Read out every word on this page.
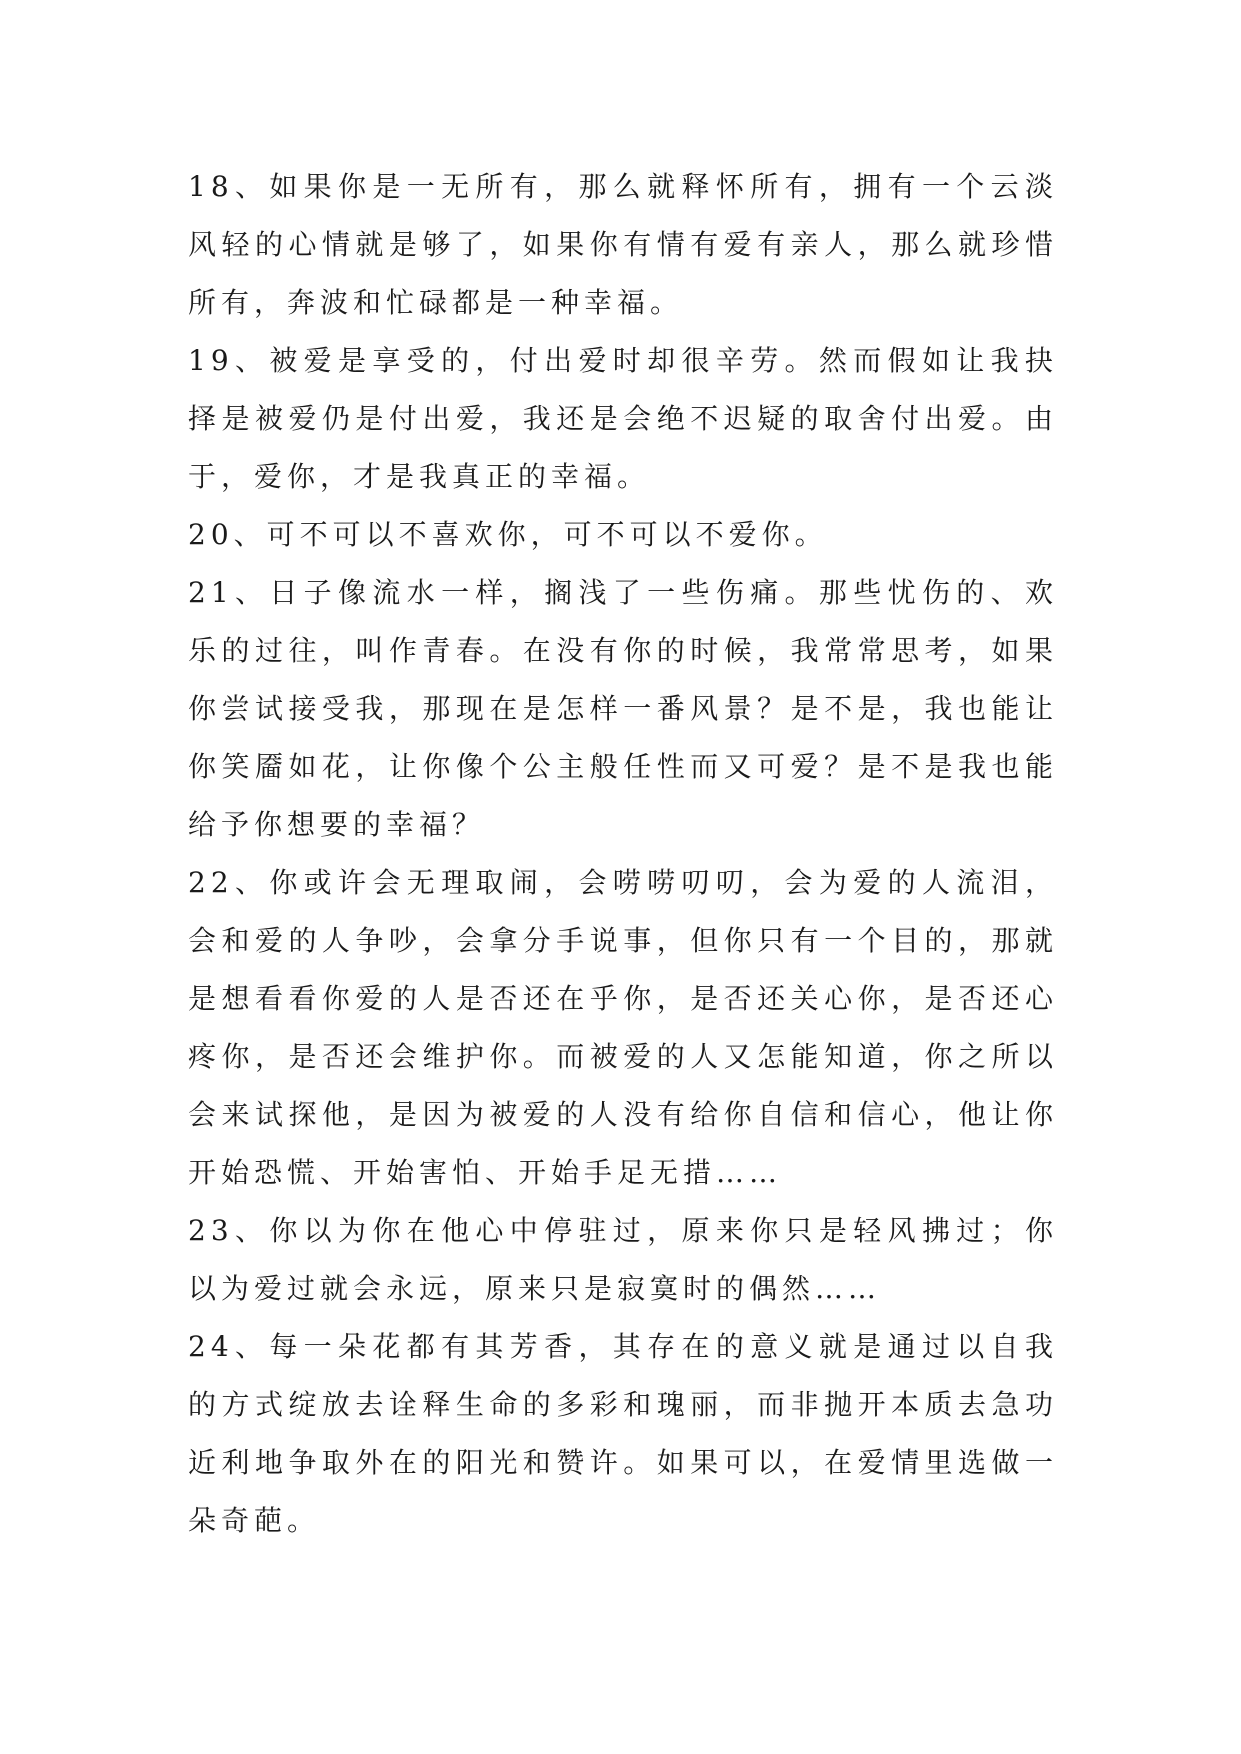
18、如果你是一无所有，那么就释怀所有，拥有一个云淡风轻的心情就是够了，如果你有情有爱有亲人，那么就珍惜所有，奔波和忙碌都是一种幸福。

19、被爱是享受的，付出爱时却很辛劳。然而假如让我抉择是被爱仍是付出爱，我还是会绝不迟疑的取舍付出爱。由于，爱你，才是我真正的幸福。

20、可不可以不喜欢你，可不可以不爱你。

21、日子像流水一样，搁浅了一些伤痛。那些忧伤的、欢乐的过往，叫作青春。在没有你的时候，我常常思考，如果你尝试接受我，那现在是怎样一番风景？是不是，我也能让你笑靥如花，让你像个公主般任性而又可爱？是不是我也能给予你想要的幸福？

22、你或许会无理取闹，会唠唠叨叨，会为爱的人流泪，会和爱的人争吵，会拿分手说事，但你只有一个目的，那就是想看看你爱的人是否还在乎你，是否还关心你，是否还心疼你，是否还会维护你。而被爱的人又怎能知道，你之所以会来试探他，是因为被爱的人没有给你自信和信心，他让你开始恐慌、开始害怕、开始手足无措……

23、你以为你在他心中停驻过，原来你只是轻风拂过；你以为爱过就会永远，原来只是寂寞时的偶然……

24、每一朵花都有其芳香，其存在的意义就是通过以自我的方式绽放去诠释生命的多彩和瑰丽，而非抛开本质去急功近利地争取外在的阳光和赞许。如果可以，在爱情里选做一朵奇葩。
